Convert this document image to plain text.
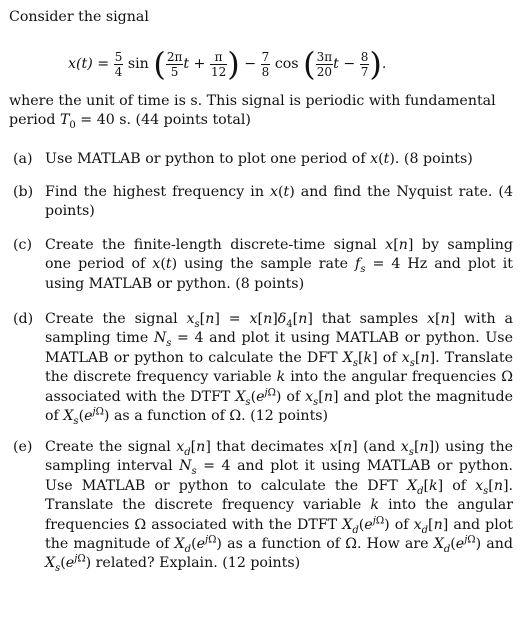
Consider the signal
$x(t) = \frac{5}{4}$ sin ( $\frac{2\pi}{5}$ $t + \frac{\pi}{12}$ ) − $\frac{7}{8}$ cos ( $\frac{3\pi}{20}$ $t - \frac{8}{7}$ ).
where the unit of time is s. This signal is periodic with fundamental period $T_0 = 40$ s. (44 points total)
(a) Use MATLAB or python to plot one period of x(t). (8 points)
(b) Find the highest frequency in x(t) and find the Nyquist rate. (4 points)
(c) Create the finite-length discrete-time signal x[n] by sampling one period of x(t) using the sample rate $f_s = 4$ Hz and plot it using MATLAB or python. (8 points)
(d) Create the signal $x_s[n] = x[n]\delta_4[n]$ that samples x[n] with a sampling time $N_s = 4$ and plot it using MATLAB or python. Use MATLAB or python to calculate the DFT $X_s[k]$ of $x_s[n]$. Translate the discrete frequency variable k into the angular frequencies Ω associated with the DTFT $X_s(e^{j\Omega})$ of $x_s[n]$ and plot the magnitude of $X_s(e^{j\Omega})$ as a function of Ω. (12 points)
(e) Create the signal $x_d[n]$ that decimates x[n] (and $x_s[n]$) using the sampling interval $N_s = 4$ and plot it using MATLAB or python. Use MATLAB or python to calculate the DFT $X_d[k]$ of $x_s[n]$. Translate the discrete frequency variable k into the angular frequencies Ω associated with the DTFT $X_d(e^{j\Omega})$ of $x_d[n]$ and plot the magnitude of $X_d(e^{j\Omega})$ as a function of Ω. How are $X_d(e^{j\Omega})$ and $X_s(e^{j\Omega})$ related? Explain. (12 points)
